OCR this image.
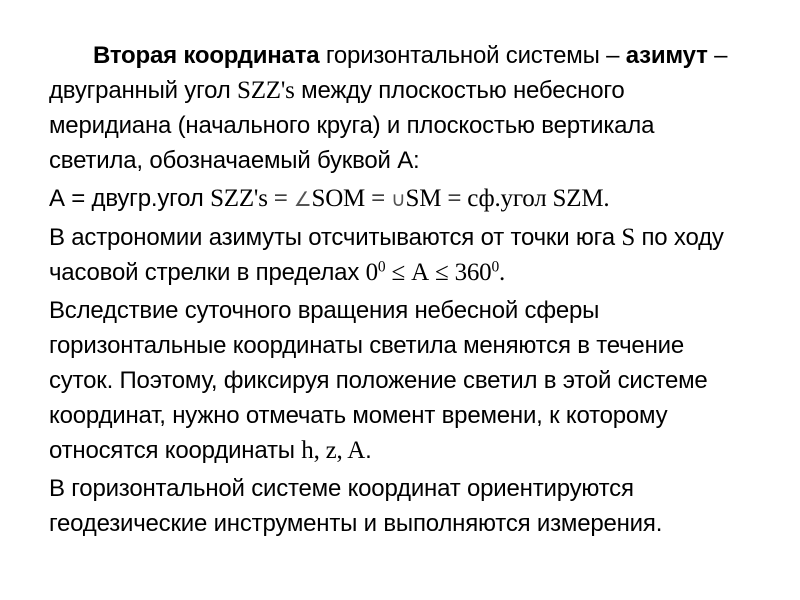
Вторая координата горизонтальной системы – азимут – двугранный угол SZZ's между плоскостью небесного меридиана (начального круга) и плоскостью вертикала светила, обозначаемый буквой А:

А = двугр.угол SZZ's = ∠SOM = ∪SM = сф.угол SZM.

В астрономии азимуты отсчитываются от точки юга S по ходу часовой стрелки в пределах $0^0 \le А \le 360^0$.

Вследствие суточного вращения небесной сферы горизонтальные координаты светила меняются в течение суток. Поэтому, фиксируя положение светил в этой системе координат, нужно отмечать момент времени, к которому относятся координаты h, z, A.

В горизонтальной системе координат ориентируются геодезические инструменты и выполняются измерения.
